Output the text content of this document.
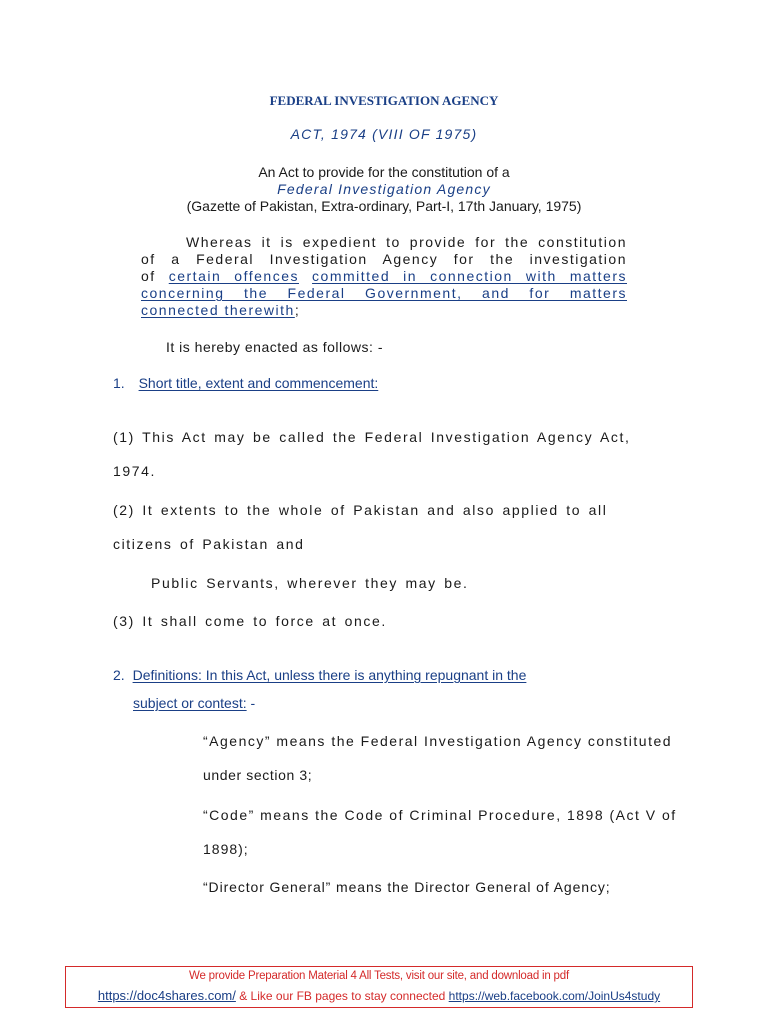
FEDERAL INVESTIGATION AGENCY
ACT, 1974 (VIII OF 1975)
An Act to provide for the constitution of a
Federal Investigation Agency
(Gazette of Pakistan, Extra-ordinary, Part-I, 17th January, 1975)
Whereas it is expedient to provide for the constitution
of a Federal Investigation Agency for the investigation
of certain offences committed in connection with matters
concerning the Federal Government, and for matters
connected therewith;
It is hereby enacted as follows: -
1. Short title, extent and commencement:
(1) This Act may be called the Federal Investigation Agency Act,
1974.
(2) It extents to the whole of Pakistan and also applied to all
citizens of Pakistan and
Public Servants, wherever they may be.
(3) It shall come to force at once.
2. Definitions: In this Act, unless there is anything repugnant in the
subject or contest: -
“Agency” means the Federal Investigation Agency constituted
under section 3;
“Code” means the Code of Criminal Procedure, 1898 (Act V of
1898);
“Director General” means the Director General of Agency;
We provide Preparation Material 4 All Tests, visit our site, and download in pdf
https://doc4shares.com/ & Like our FB pages to stay connected https://web.facebook.com/JoinUs4study
